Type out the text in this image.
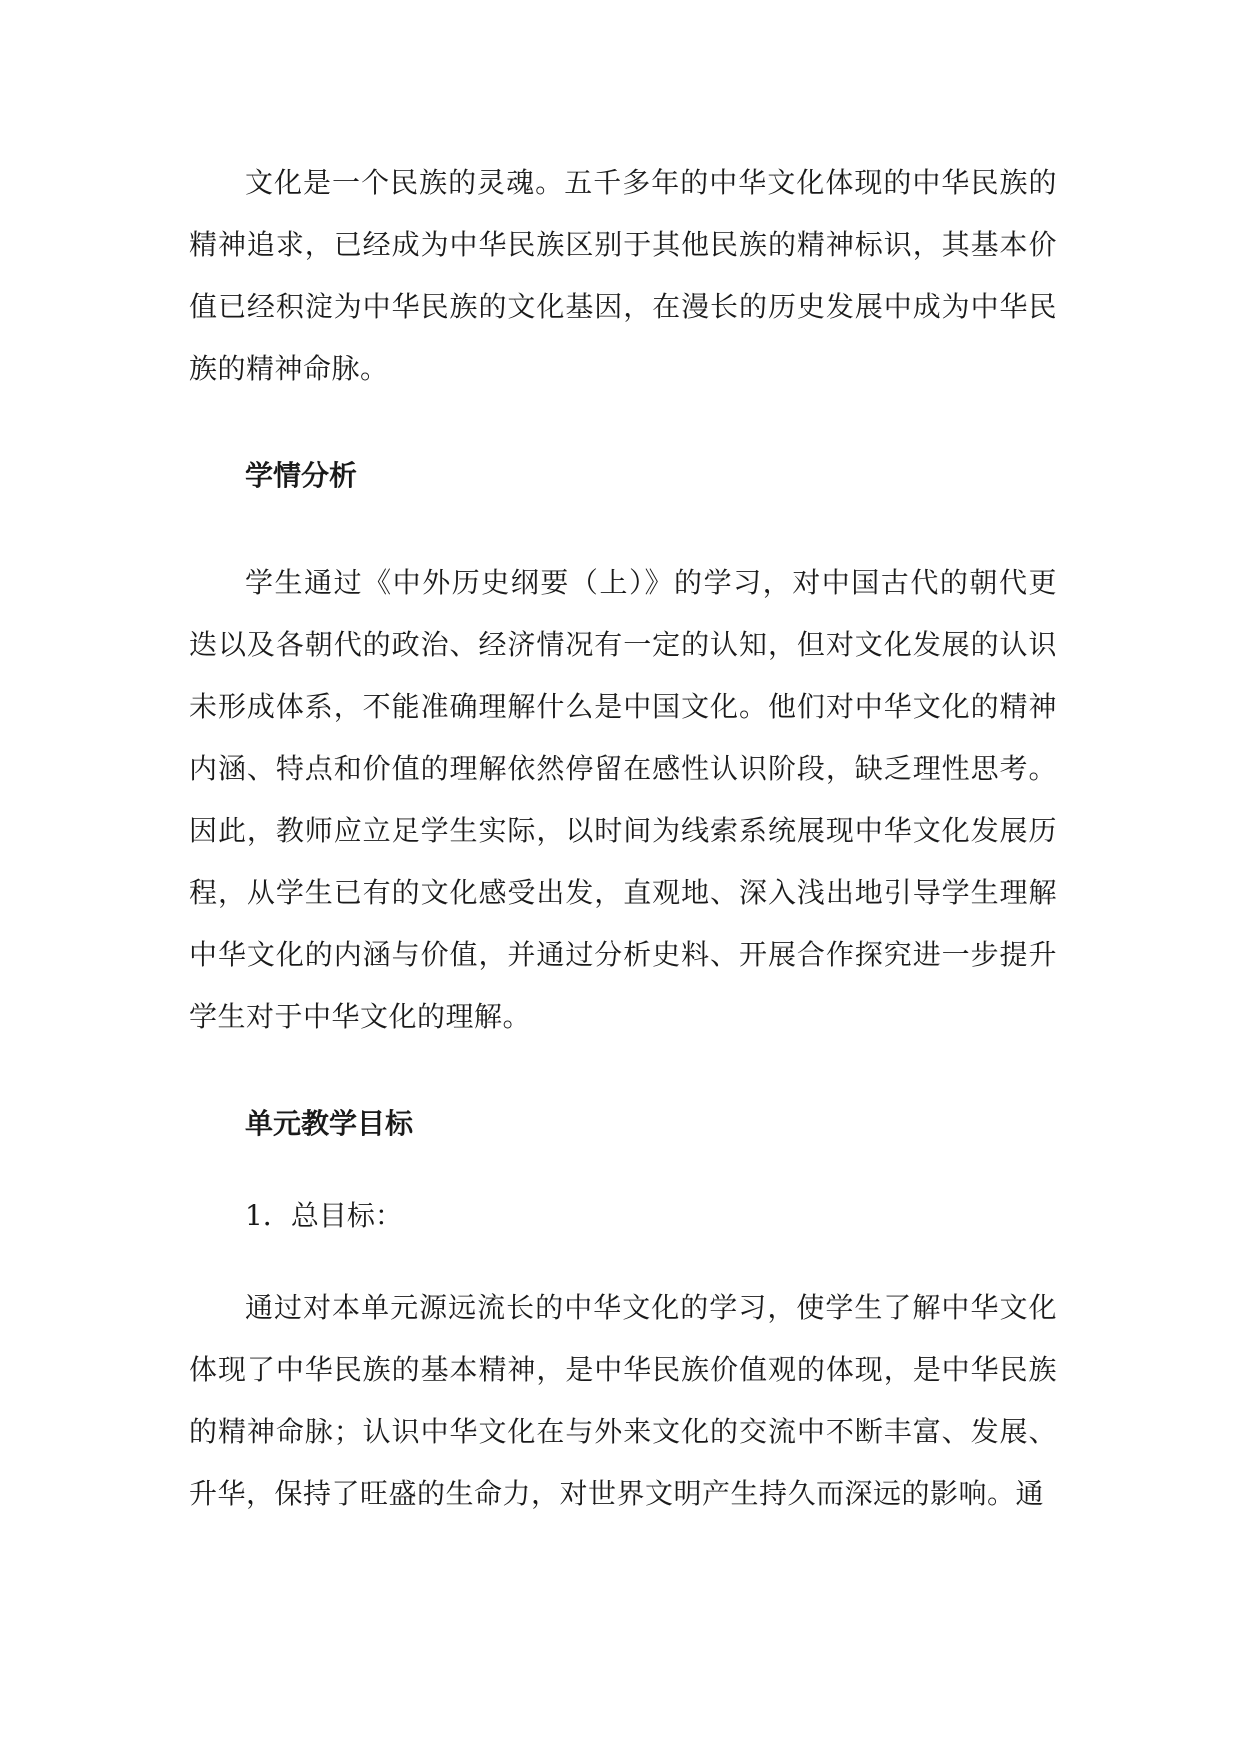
文化是一个民族的灵魂。五千多年的中华文化体现的中华民族的精神追求，已经成为中华民族区别于其他民族的精神标识，其基本价值已经积淀为中华民族的文化基因，在漫长的历史发展中成为中华民族的精神命脉。

学情分析

学生通过《中外历史纲要（上）》的学习，对中国古代的朝代更迭以及各朝代的政治、经济情况有一定的认知，但对文化发展的认识未形成体系，不能准确理解什么是中国文化。他们对中华文化的精神内涵、特点和价值的理解依然停留在感性认识阶段，缺乏理性思考。因此，教师应立足学生实际，以时间为线索系统展现中华文化发展历程，从学生已有的文化感受出发，直观地、深入浅出地引导学生理解中华文化的内涵与价值，并通过分析史料、开展合作探究进一步提升学生对于中华文化的理解。

单元教学目标

1．总目标：

通过对本单元源远流长的中华文化的学习，使学生了解中华文化体现了中华民族的基本精神，是中华民族价值观的体现，是中华民族的精神命脉；认识中华文化在与外来文化的交流中不断丰富、发展、升华，保持了旺盛的生命力，对世界文明产生持久而深远的影响。通
